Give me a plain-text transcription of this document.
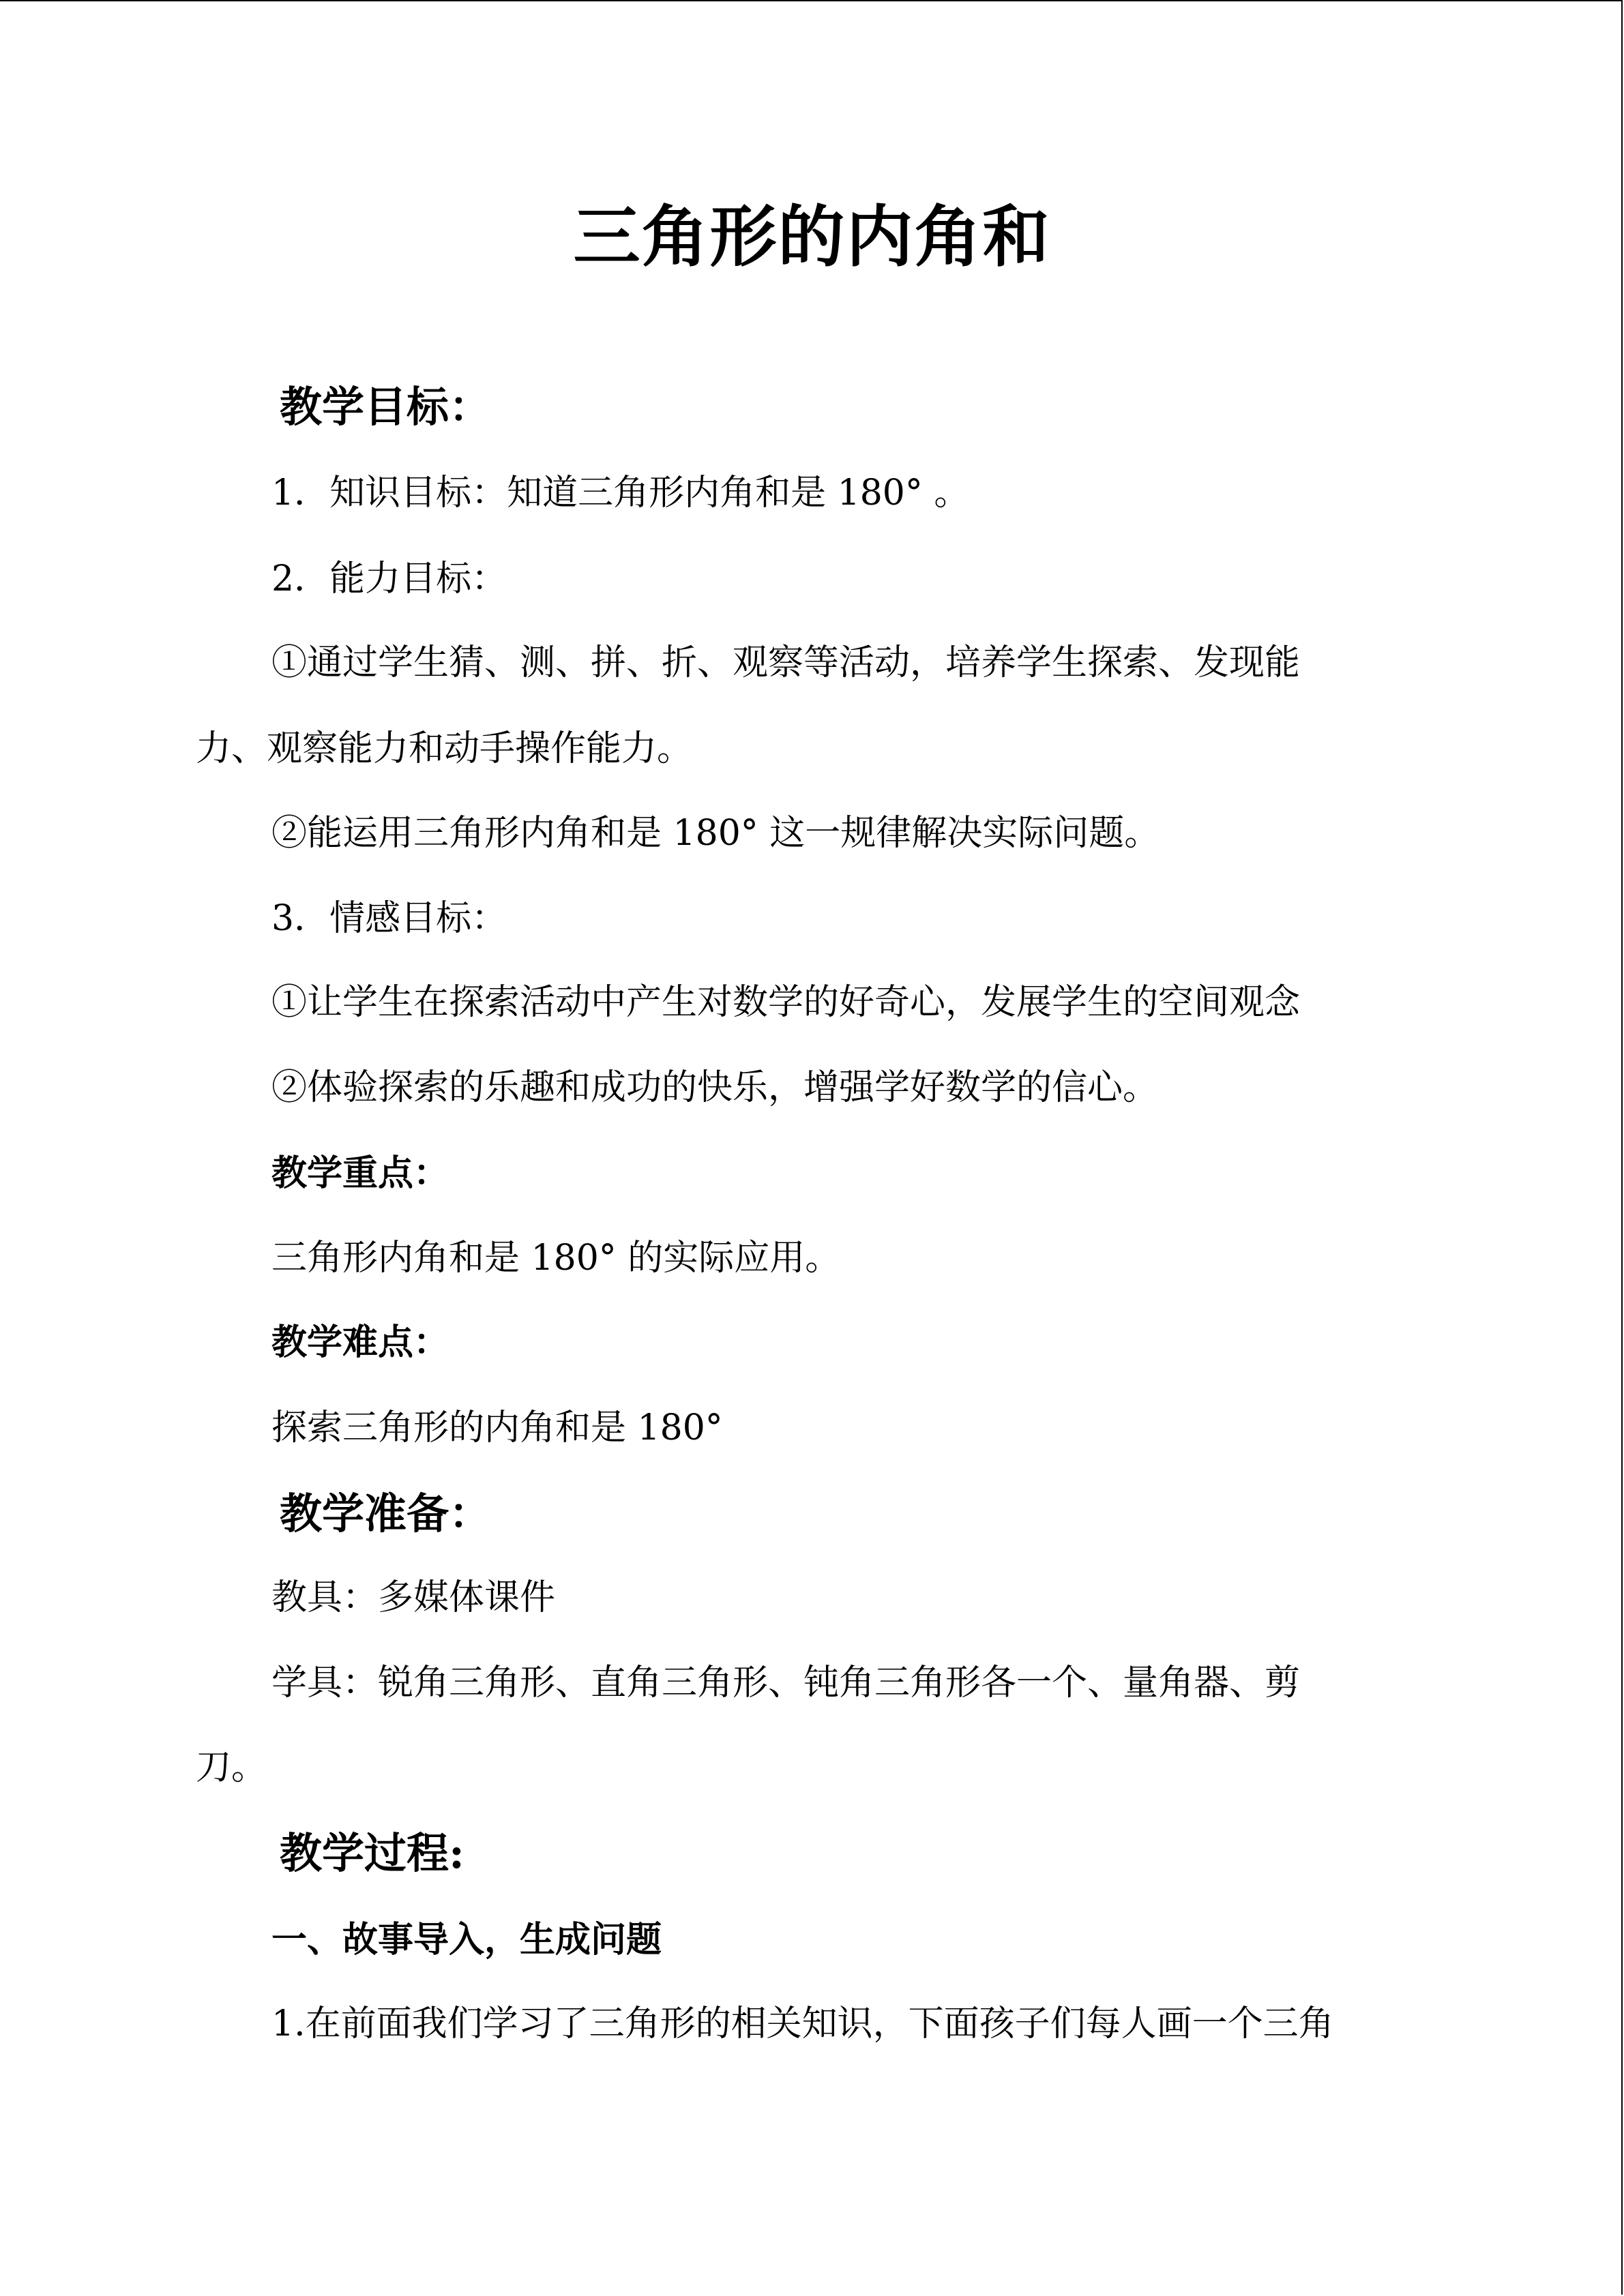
三角形的内角和
教学目标：
1．知识目标：知道三角形内角和是 180° 。
2．能力目标：
①通过学生猜、测、拼、折、观察等活动，培养学生探索、发现能
力、观察能力和动手操作能力。
②能运用三角形内角和是 180° 这一规律解决实际问题。
3．情感目标：
①让学生在探索活动中产生对数学的好奇心，发展学生的空间观念
②体验探索的乐趣和成功的快乐，增强学好数学的信心。
教学重点：
三角形内角和是 180° 的实际应用。
教学难点：
探索三角形的内角和是 180°
教学准备：
教具：多媒体课件
学具：锐角三角形、直角三角形、钝角三角形各一个、量角器、剪
刀。
教学过程:
一、故事导入，生成问题
1.在前面我们学习了三角形的相关知识，下面孩子们每人画一个三角
